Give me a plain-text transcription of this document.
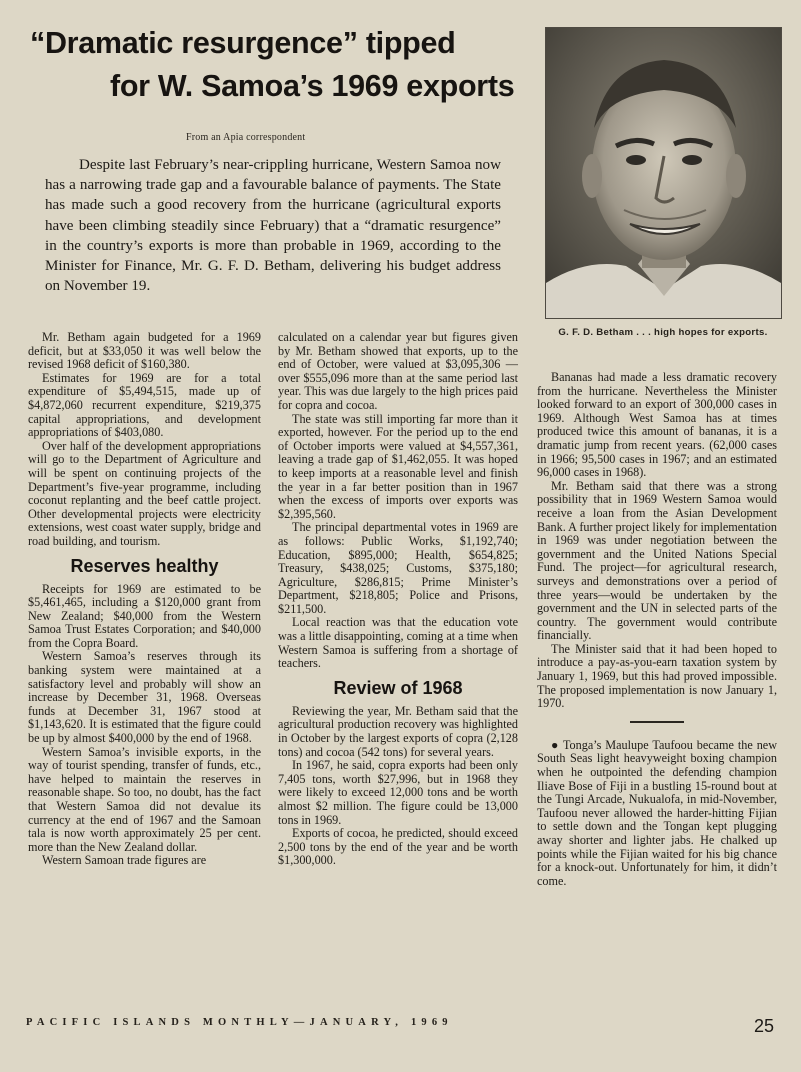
“Dramatic resurgence” tipped
for W. Samoa’s 1969 exports
From an Apia correspondent

Despite last February’s near-crippling hurricane, Western Samoa now has a narrowing trade gap and a favourable balance of payments. The State has made such a good recovery from the hurricane (agricultural exports have been climbing steadily since February) that a “dramatic resurgence” in the country’s exports is more than probable in 1969, according to the Minister for Finance, Mr. G. F. D. Betham, delivering his budget address on November 19.

G. F. D. Betham . . . high hopes for exports.

Mr. Betham again budgeted for a 1969 deficit, but at $33,050 it was well below the revised 1968 deficit of $160,380.

Estimates for 1969 are for a total expenditure of $5,494,515, made up of $4,872,060 recurrent expenditure, $219,375 capital appropriations, and development appropriations of $403,080.

Over half of the development appropriations will go to the Department of Agriculture and will be spent on continuing projects of the Department’s five-year programme, including coconut replanting and the beef cattle project. Other developmental projects were electricity extensions, west coast water supply, bridge and road building, and tourism.

Reserves healthy

Receipts for 1969 are estimated to be $5,461,465, including a $120,000 grant from New Zealand; $40,000 from the Western Samoa Trust Estates Corporation; and $40,000 from the Copra Board.

Western Samoa’s reserves through its banking system were maintained at a satisfactory level and probably will show an increase by December 31, 1968. Overseas funds at December 31, 1967 stood at $1,143,620. It is estimated that the figure could be up by almost $400,000 by the end of 1968.

Western Samoa’s invisible exports, in the way of tourist spending, transfer of funds, etc., have helped to maintain the reserves in reasonable shape. So too, no doubt, has the fact that Western Samoa did not devalue its currency at the end of 1967 and the Samoan tala is now worth approximately 25 per cent. more than the New Zealand dollar.

Western Samoan trade figures are

calculated on a calendar year but figures given by Mr. Betham showed that exports, up to the end of October, were valued at $3,095,306 —over $555,096 more than at the same period last year. This was due largely to the high prices paid for copra and cocoa.

The state was still importing far more than it exported, however. For the period up to the end of October imports were valued at $4,557,361, leaving a trade gap of $1,462,055. It was hoped to keep imports at a reasonable level and finish the year in a far better position than in 1967 when the excess of imports over exports was $2,395,560.

The principal departmental votes in 1969 are as follows: Public Works, $1,192,740; Education, $895,000; Health, $654,825; Treasury, $438,025; Customs, $375,180; Agriculture, $286,815; Prime Minister’s Department, $218,805; Police and Prisons, $211,500.

Local reaction was that the education vote was a little disappointing, coming at a time when Western Samoa is suffering from a shortage of teachers.

Review of 1968

Reviewing the year, Mr. Betham said that the agricultural production recovery was highlighted in October by the largest exports of copra (2,128 tons) and cocoa (542 tons) for several years.

In 1967, he said, copra exports had been only 7,405 tons, worth $27,996, but in 1968 they were likely to exceed 12,000 tons and be worth almost $2 million. The figure could be 13,000 tons in 1969.

Exports of cocoa, he predicted, should exceed 2,500 tons by the end of the year and be worth $1,300,000.

Bananas had made a less dramatic recovery from the hurricane. Nevertheless the Minister looked forward to an export of 300,000 cases in 1969. Although West Samoa has at times produced twice this amount of bananas, it is a dramatic jump from recent years. (62,000 cases in 1966; 95,500 cases in 1967; and an estimated 96,000 cases in 1968).

Mr. Betham said that there was a strong possibility that in 1969 Western Samoa would receive a loan from the Asian Development Bank. A further project likely for implementation in 1969 was under negotiation between the government and the United Nations Special Fund. The project—for agricultural research, surveys and demonstrations over a period of three years—would be undertaken by the government and the UN in selected parts of the country. The government would contribute financially.

The Minister said that it had been hoped to introduce a pay-as-you-earn taxation system by January 1, 1969, but this had proved impossible. The proposed implementation is now January 1, 1970.

● Tonga’s Maulupe Taufoou became the new South Seas light heavyweight boxing champion when he outpointed the defending champion Iliave Bose of Fiji in a bustling 15-round bout at the Tungi Arcade, Nukualofa, in mid-November, Taufoou never allowed the harder-hitting Fijian to settle down and the Tongan kept plugging away shorter and lighter jabs. He chalked up points while the Fijian waited for his big chance for a knock-out. Unfortunately for him, it didn’t come.

PACIFIC ISLANDS MONTHLY—JANUARY, 1969	25
